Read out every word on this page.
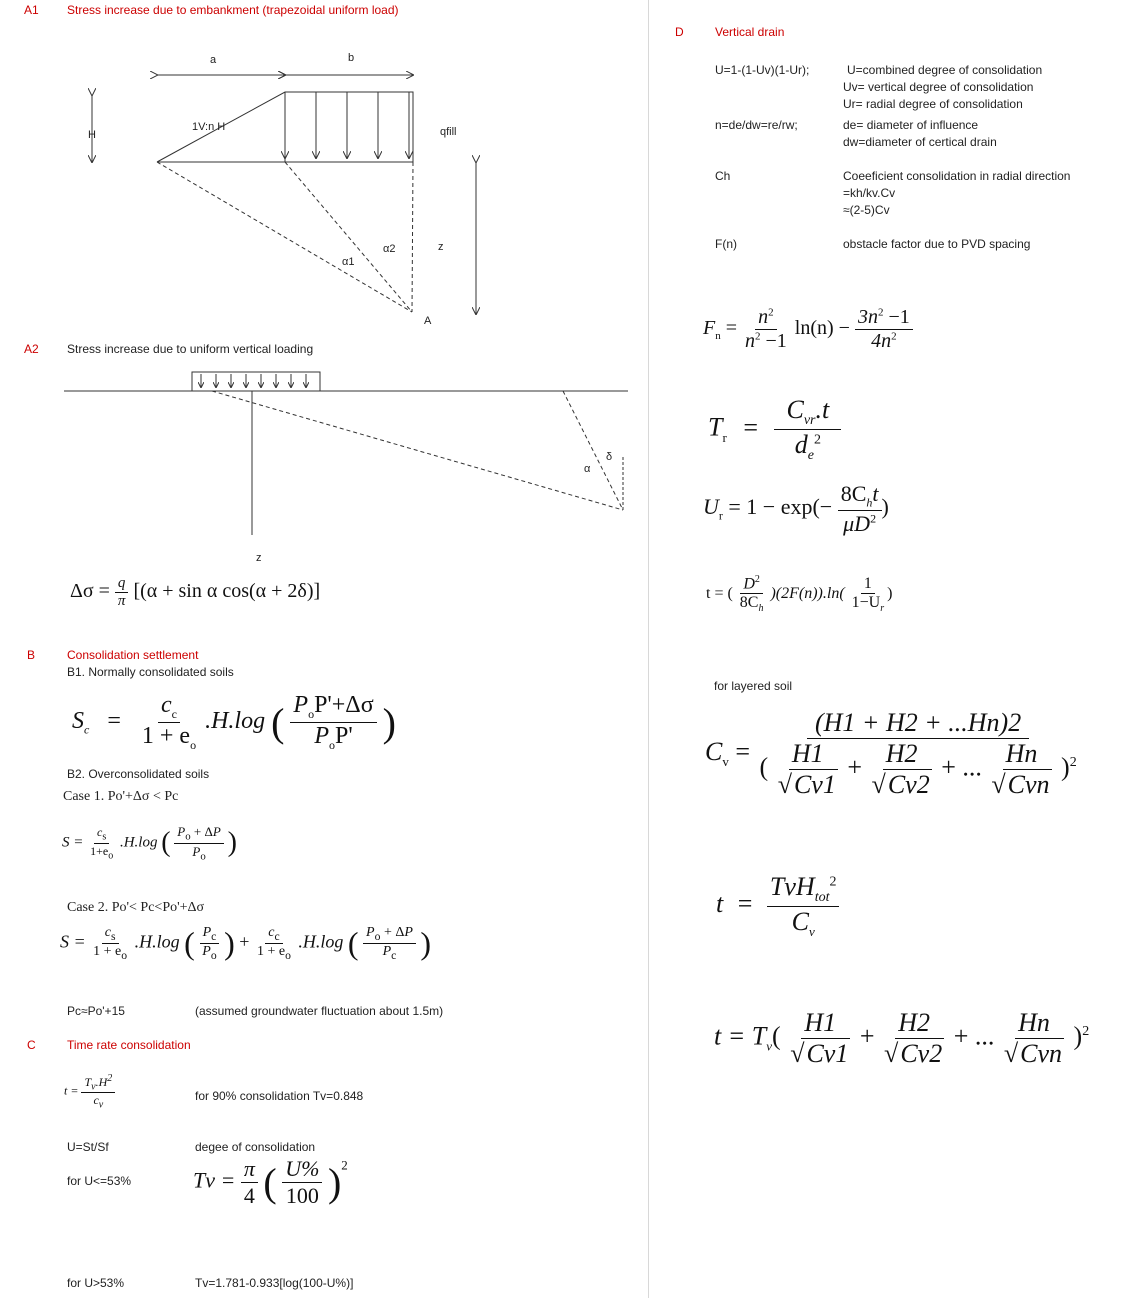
A1 Stress increase due to embankment (trapezoidal uniform load)
a	b
H
1V:n H	qfill
α1
α2	z
A
A2 Stress increase due to uniform vertical loading
α
δ
z
$\Delta\sigma = \frac{q}{\pi} [(\alpha + \sin \alpha$ cos(α + 2δ)]
B	Consolidation settlement
B1. Normally consolidated soils
$S_c = \frac{c_c}{1 + e_o} .H.\log$ ( $\frac{P_oP'+\Delta\sigma}{P_oP'}$ )
B2. Overconsolidated soils
Case 1. Po'+Δσ < Pc
$S = \frac{c_s}{1+e_o} .H.\log$ ( $\frac{P_o + \Delta P}{P_o}$ )
Case 2. Po'< Pc<Po'+Δσ
$S = \frac{c_s}{1 + e_o} .H.\log$ ( $\frac{P_c}{P_o}$ ) + $\frac{c_c}{1 + e_o} .H.\log$ ( $\frac{P_o + \Delta P}{P_c}$ )
Pc≈Po'+15	(assumed groundwater fluctuation about 1.5m)
C	Time rate consolidation
$t = \frac{T_v.H^2}{c_v}$	for 90% consolidation Tv=0.848
U=St/Sf	degee of consolidation
for U<=53%	$Tv = \frac{\pi}{4}$ ( $\frac{U\%}{100} )^2$
for U>53%	Tv=1.781-0.933[log(100-U%)]
D	Vertical drain
U=1-(1-Uv)(1-Ur);	U=combined degree of consolidation
Uv= vertical degree of consolidation
Ur= radial degree of consolidation
n=de/dw=re/rw;	de= diameter of influence
dw=diameter of certical drain
Ch	Coeeficient consolidation in radial direction
=kh/kv.Cv
≈(2-5)Cv
F(n)	obstacle factor due to PVD spacing
$F_n = \frac{n^2}{n^2 -1} \ln(n) - \frac{3n^2 -1}{4n^2}$
$T_r = \frac{C_{vr}.t}{d_e^2}$
$U_r = 1 - \exp(- \frac{8C_ht}{\mu D^2}$ )
t = ( $\frac{D^2}{8C_h} )(2F(n)).\ln( \frac{1}{1-U_r}$ )
for layered soil
$C_v$ =
(H1 + H2 + ...Hn)2
( $\frac{H1}{√Cv1} + \frac{H2}{√Cv2}$ + ... $\frac{Hn}{\text{√Cvn}} )^2$
$t = \frac{TvH_{tot}^2}{C_v}$
$t = T_v( \frac{H1}{√Cv1} + \frac{H2}{√Cv2}$ + ... $\frac{Hn}{\text{√Cvn}} )^2$
